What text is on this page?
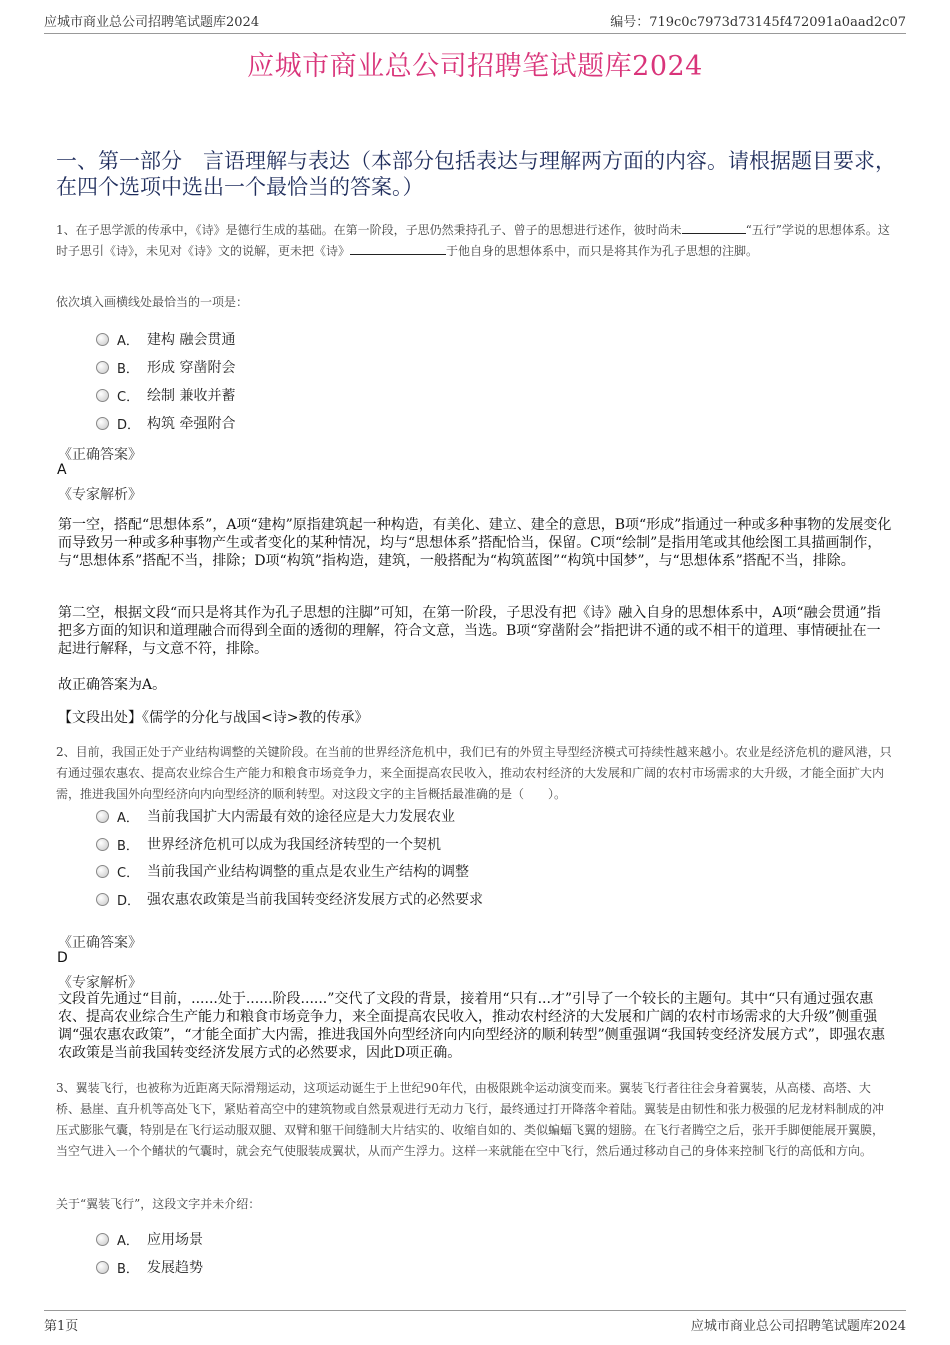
应城市商业总公司招聘笔试题库2024	编号：719c0c7973d73145f472091a0aad2c07
应城市商业总公司招聘笔试题库2024
一、第一部分　言语理解与表达（本部分包括表达与理解两方面的内容。请根据题目要求，在四个选项中选出一个最恰当的答案。）
1、在子思学派的传承中，《诗》是德行生成的基础。在第一阶段，子思仍然秉持孔子、曾子的思想进行述作，彼时尚未	“五行”学说的思想体系。这时子思引《诗》，未见对《诗》文的说解，更未把《诗》	于他自身的思想体系中，而只是将其作为孔子思想的注脚。
依次填入画横线处最恰当的一项是：
A． 建构 融会贯通
B． 形成 穿凿附会
C． 绘制 兼收并蓄
D． 构筑 牵强附合
《正确答案》
A
《专家解析》
第一空，搭配“思想体系”，A项“建构”原指建筑起一种构造，有美化、建立、建全的意思，B项“形成”指通过一种或多种事物的发展变化而导致另一种或多种事物产生或者变化的某种情况，均与“思想体系”搭配恰当，保留。C项“绘制”是指用笔或其他绘图工具描画制作，与“思想体系”搭配不当，排除；D项“构筑”指构造，建筑，一般搭配为“构筑蓝图”“构筑中国梦”，与“思想体系”搭配不当，排除。
第二空，根据文段“而只是将其作为孔子思想的注脚”可知，在第一阶段，子思没有把《诗》融入自身的思想体系中，A项“融会贯通”指把多方面的知识和道理融合而得到全面的透彻的理解，符合文意，当选。B项“穿凿附会”指把讲不通的或不相干的道理、事情硬扯在一起进行解释，与文意不符，排除。
故正确答案为A。
【文段出处】《儒学的分化与战国<诗>教的传承》
2、目前，我国正处于产业结构调整的关键阶段。在当前的世界经济危机中，我们已有的外贸主导型经济模式可持续性越来越小。农业是经济危机的避风港，只有通过强农惠农、提高农业综合生产能力和粮食市场竞争力，来全面提高农民收入，推动农村经济的大发展和广阔的农村市场需求的大升级，才能全面扩大内需，推进我国外向型经济向内向型经济的顺利转型。对这段文字的主旨概括最准确的是（　　）。
A． 当前我国扩大内需最有效的途径应是大力发展农业
B． 世界经济危机可以成为我国经济转型的一个契机
C． 当前我国产业结构调整的重点是农业生产结构的调整
D． 强农惠农政策是当前我国转变经济发展方式的必然要求
《正确答案》
D
《专家解析》
文段首先通过“目前，......处于......阶段......”交代了文段的背景，接着用“只有...才”引导了一个较长的主题句。其中“只有通过强农惠农、提高农业综合生产能力和粮食市场竞争力，来全面提高农民收入，推动农村经济的大发展和广阔的农村市场需求的大升级”侧重强调“强农惠农政策”，“才能全面扩大内需，推进我国外向型经济向内向型经济的顺利转型”侧重强调“我国转变经济发展方式”，即强农惠农政策是当前我国转变经济发展方式的必然要求，因此D项正确。
3、翼装飞行，也被称为近距离天际滑翔运动，这项运动诞生于上世纪90年代，由极限跳伞运动演变而来。翼装飞行者往往会身着翼装，从高楼、高塔、大桥、悬崖、直升机等高处飞下，紧贴着高空中的建筑物或自然景观进行无动力飞行，最终通过打开降落伞着陆。翼装是由韧性和张力极强的尼龙材料制成的冲压式膨胀气囊，特别是在飞行运动服双腿、双臂和躯干间缝制大片结实的、收缩自如的、类似蝙蝠飞翼的翅膀。在飞行者腾空之后，张开手脚便能展开翼膜，当空气进入一个个鳍状的气囊时，就会充气使服装成翼状，从而产生浮力。这样一来就能在空中飞行，然后通过移动自己的身体来控制飞行的高低和方向。
关于“翼装飞行”，这段文字并未介绍：
A． 应用场景
B． 发展趋势
第1页	应城市商业总公司招聘笔试题库2024
